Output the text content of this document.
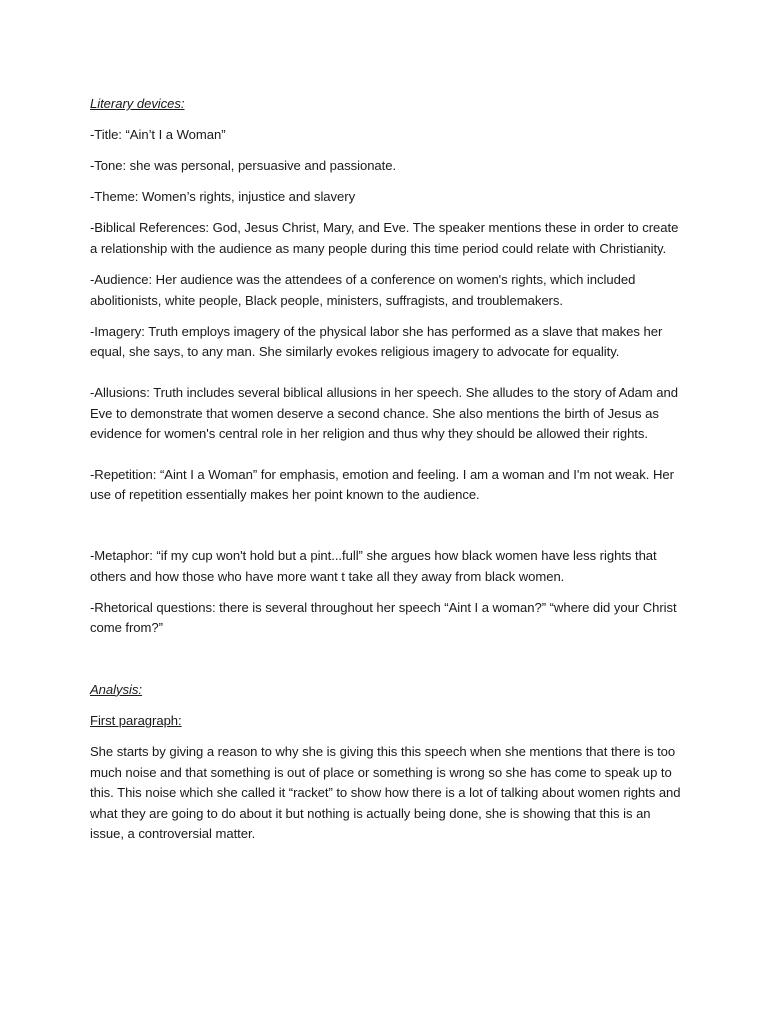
Literary devices:

-Title: “Ain’t I a Woman”

-Tone: she was personal, persuasive and passionate.

-Theme: Women’s rights, injustice and slavery

-Biblical References: God, Jesus Christ, Mary, and Eve. The speaker mentions these in order to create a relationship with the audience as many people during this time period could relate with Christianity.

-Audience: Her audience was the attendees of a conference on women's rights, which included abolitionists, white people, Black people, ministers, suffragists, and troublemakers.

-Imagery: Truth employs imagery of the physical labor she has performed as a slave that makes her equal, she says, to any man. She similarly evokes religious imagery to advocate for equality.

-Allusions: Truth includes several biblical allusions in her speech. She alludes to the story of Adam and Eve to demonstrate that women deserve a second chance. She also mentions the birth of Jesus as evidence for women's central role in her religion and thus why they should be allowed their rights.

-Repetition: “Aint I a Woman” for emphasis, emotion and feeling. I am a woman and I'm not weak. Her use of repetition essentially makes her point known to the audience.

-Metaphor: “if my cup won't hold but a pint...full” she argues how black women have less rights that others and how those who have more want t take all they away from black women.

-Rhetorical questions: there is several throughout her speech “Aint I a woman?” “where did your Christ come from?”

Analysis:

First paragraph:

She starts by giving a reason to why she is giving this this speech when she mentions that there is too much noise and that something is out of place or something is wrong so she has come to speak up to this. This noise which she called it “racket” to show how there is a lot of talking about women rights and what they are going to do about it but nothing is actually being done, she is showing that this is an issue, a controversial matter.
